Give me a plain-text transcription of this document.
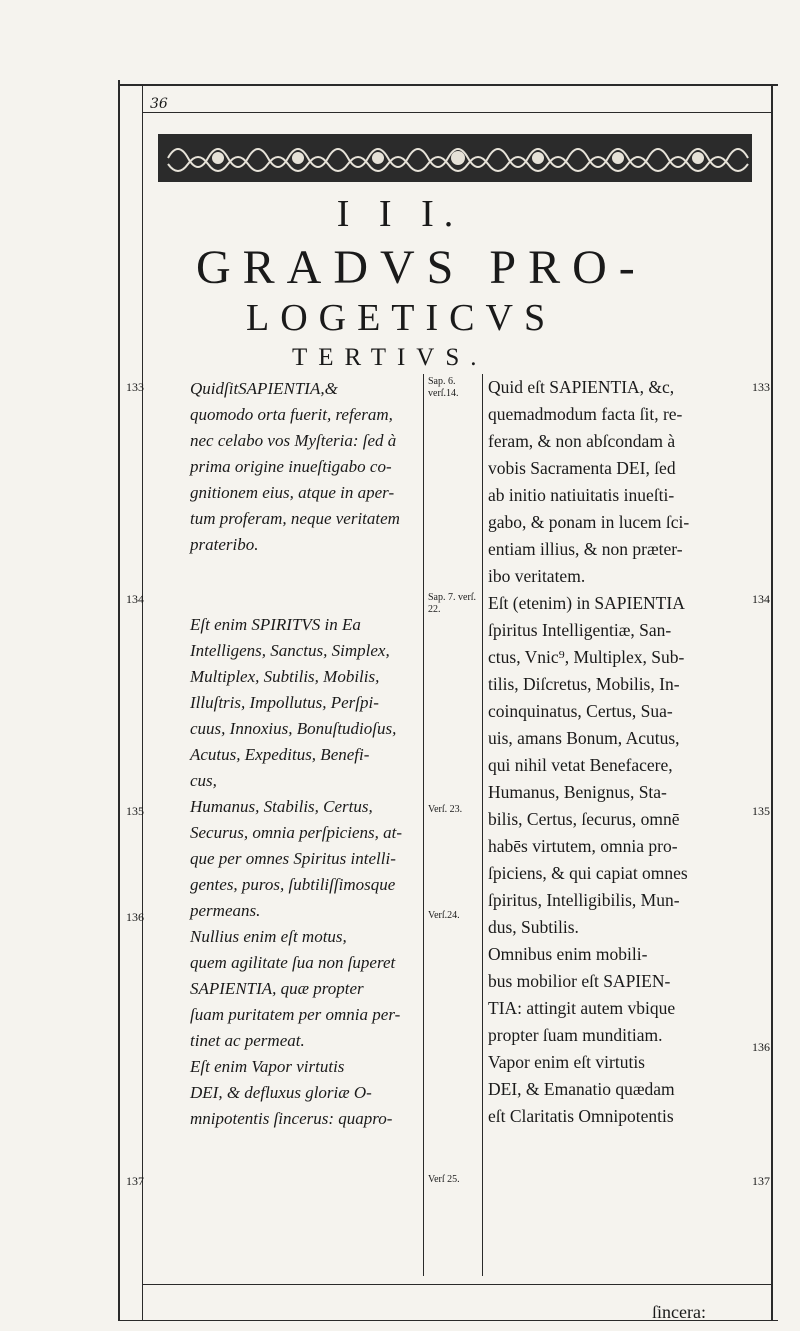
36
I I I.
GRADVS PRO-
LOGETICVS
TERTIVS.
QuidſitSAPIENTIA,&
quomodo orta fuerit, referam,
nec celabo vos Myſteria: ſed à
prima origine inueſtigabo co-
gnitionem eius, atque in aper-
tum proferam, neque veritatem
prateribo.
Eſt enim SPIRITVS in Ea
Intelligens, Sanctus, Simplex,
Multiplex, Subtilis, Mobilis,
Illuſtris, Impollutus, Perſpi-
cuus, Innoxius, Bonuſtudioſus,
Acutus, Expeditus, Benefi-
cus,
Humanus, Stabilis, Certus,
Securus, omnia perſpiciens, at-
que per omnes Spiritus intelli-
gentes, puros, ſubtiliſſimosque
permeans.
Nullius enim eſt motus,
quem agilitate ſua non ſuperet
SAPIENTIA, quæ propter
ſuam puritatem per omnia per-
tinet ac permeat.
Eſt enim Vapor virtutis
DEI, & defluxus gloriæ O-
mnipotentis ſincerus: quapro-
Quid eſt SAPIENTIA, &c,
quemadmodum facta ſit, re-
feram, & non abſcondam à
vobis Sacramenta DEI, ſed
ab initio natiuitatis inueſti-
gabo, & ponam in lucem ſci-
entiam illius, & non præter-
ibo veritatem.
Eſt (etenim) in SAPIENTIA
ſpiritus Intelligentiæ, San-
ctus, Vnic⁹, Multiplex, Sub-
tilis, Diſcretus, Mobilis, In-
coinquinatus, Certus, Sua-
uis, amans Bonum, Acutus,
qui nihil vetat Benefacere,
Humanus, Benignus, Sta-
bilis, Certus, ſecurus, omnē
habēs virtutem, omnia pro-
ſpiciens, & qui capiat omnes
ſpiritus, Intelligibilis, Mun-
dus, Subtilis.
Omnibus enim mobili-
bus mobilior eſt SAPIEN-
TIA: attingit autem vbique
propter ſuam munditiam.
Vapor enim eſt virtutis
DEI, & Emanatio quædam
eſt Claritatis Omnipotentis
133
134
135
136
137
133
134
135
136
137
Sap. 6. verſ.14.
Sap. 7. verſ. 22.
Verſ. 23.
Verſ.24.
Verſ 25.
ſincera:
